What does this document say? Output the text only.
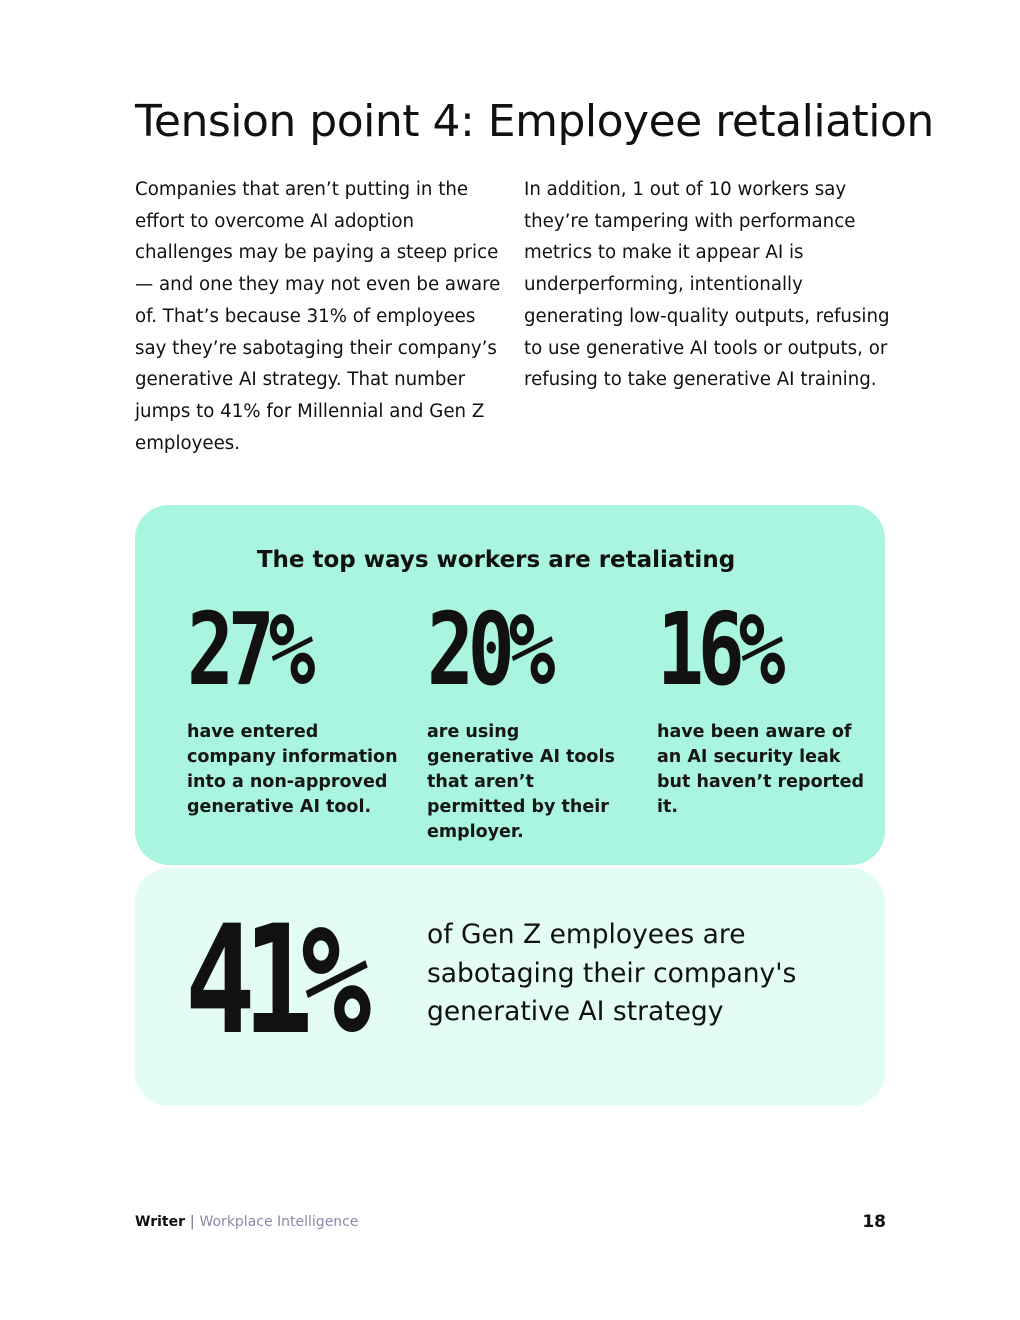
Tension point 4: Employee retaliation

Companies that aren’t putting in the effort to overcome AI adoption challenges may be paying a steep price — and one they may not even be aware of. That’s because 31% of employees say they’re sabotaging their company’s generative AI strategy. That number jumps to 41% for Millennial and Gen Z employees.

In addition, 1 out of 10 workers say they’re tampering with performance metrics to make it appear AI is underperforming, intentionally generating low-quality outputs, refusing to use generative AI tools or outputs, or refusing to take generative AI training.

The top ways workers are retaliating
27%
have entered company information into a non-approved generative AI tool.
20%
are using generative AI tools that aren’t permitted by their employer.
16%
have been aware of an AI security leak but haven’t reported it.
41%	of Gen Z employees are sabotaging their company's generative AI strategy

Writer | Workplace Intelligence	18
